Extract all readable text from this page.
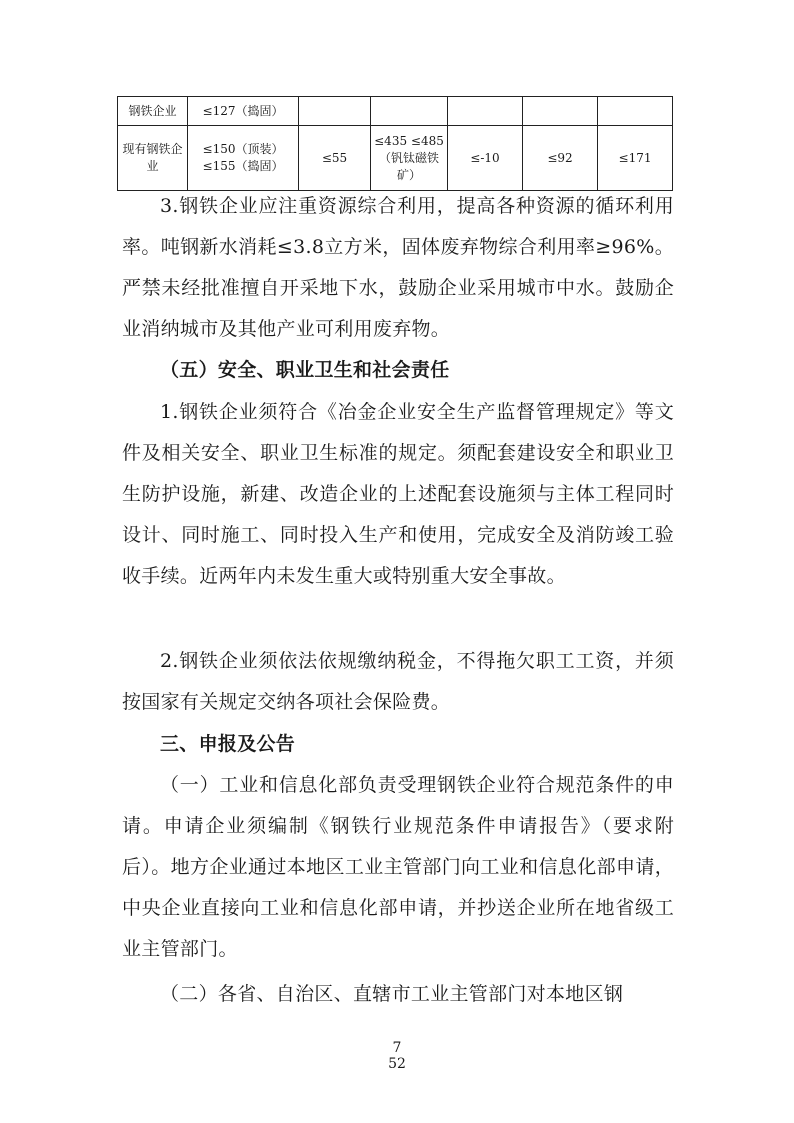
钢铁企业	≤127（捣固）					
现有钢铁企业	≤150（顶装）≤155（捣固）	≤55	≤435 ≤485（钒钛磁铁矿）	≤-10	≤92	≤171

3.钢铁企业应注重资源综合利用，提高各种资源的循环利用率。吨钢新水消耗≤3.8立方米，固体废弃物综合利用率≥96%。严禁未经批准擅自开采地下水，鼓励企业采用城市中水。鼓励企业消纳城市及其他产业可利用废弃物。

（五）安全、职业卫生和社会责任

1.钢铁企业须符合《冶金企业安全生产监督管理规定》等文件及相关安全、职业卫生标准的规定。须配套建设安全和职业卫生防护设施，新建、改造企业的上述配套设施须与主体工程同时设计、同时施工、同时投入生产和使用，完成安全及消防竣工验收手续。近两年内未发生重大或特别重大安全事故。

2.钢铁企业须依法依规缴纳税金，不得拖欠职工工资，并须按国家有关规定交纳各项社会保险费。

三、申报及公告

（一）工业和信息化部负责受理钢铁企业符合规范条件的申请。申请企业须编制《钢铁行业规范条件申请报告》（要求附后）。地方企业通过本地区工业主管部门向工业和信息化部申请，中央企业直接向工业和信息化部申请，并抄送企业所在地省级工业主管部门。

（二）各省、自治区、直辖市工业主管部门对本地区钢

7

52
